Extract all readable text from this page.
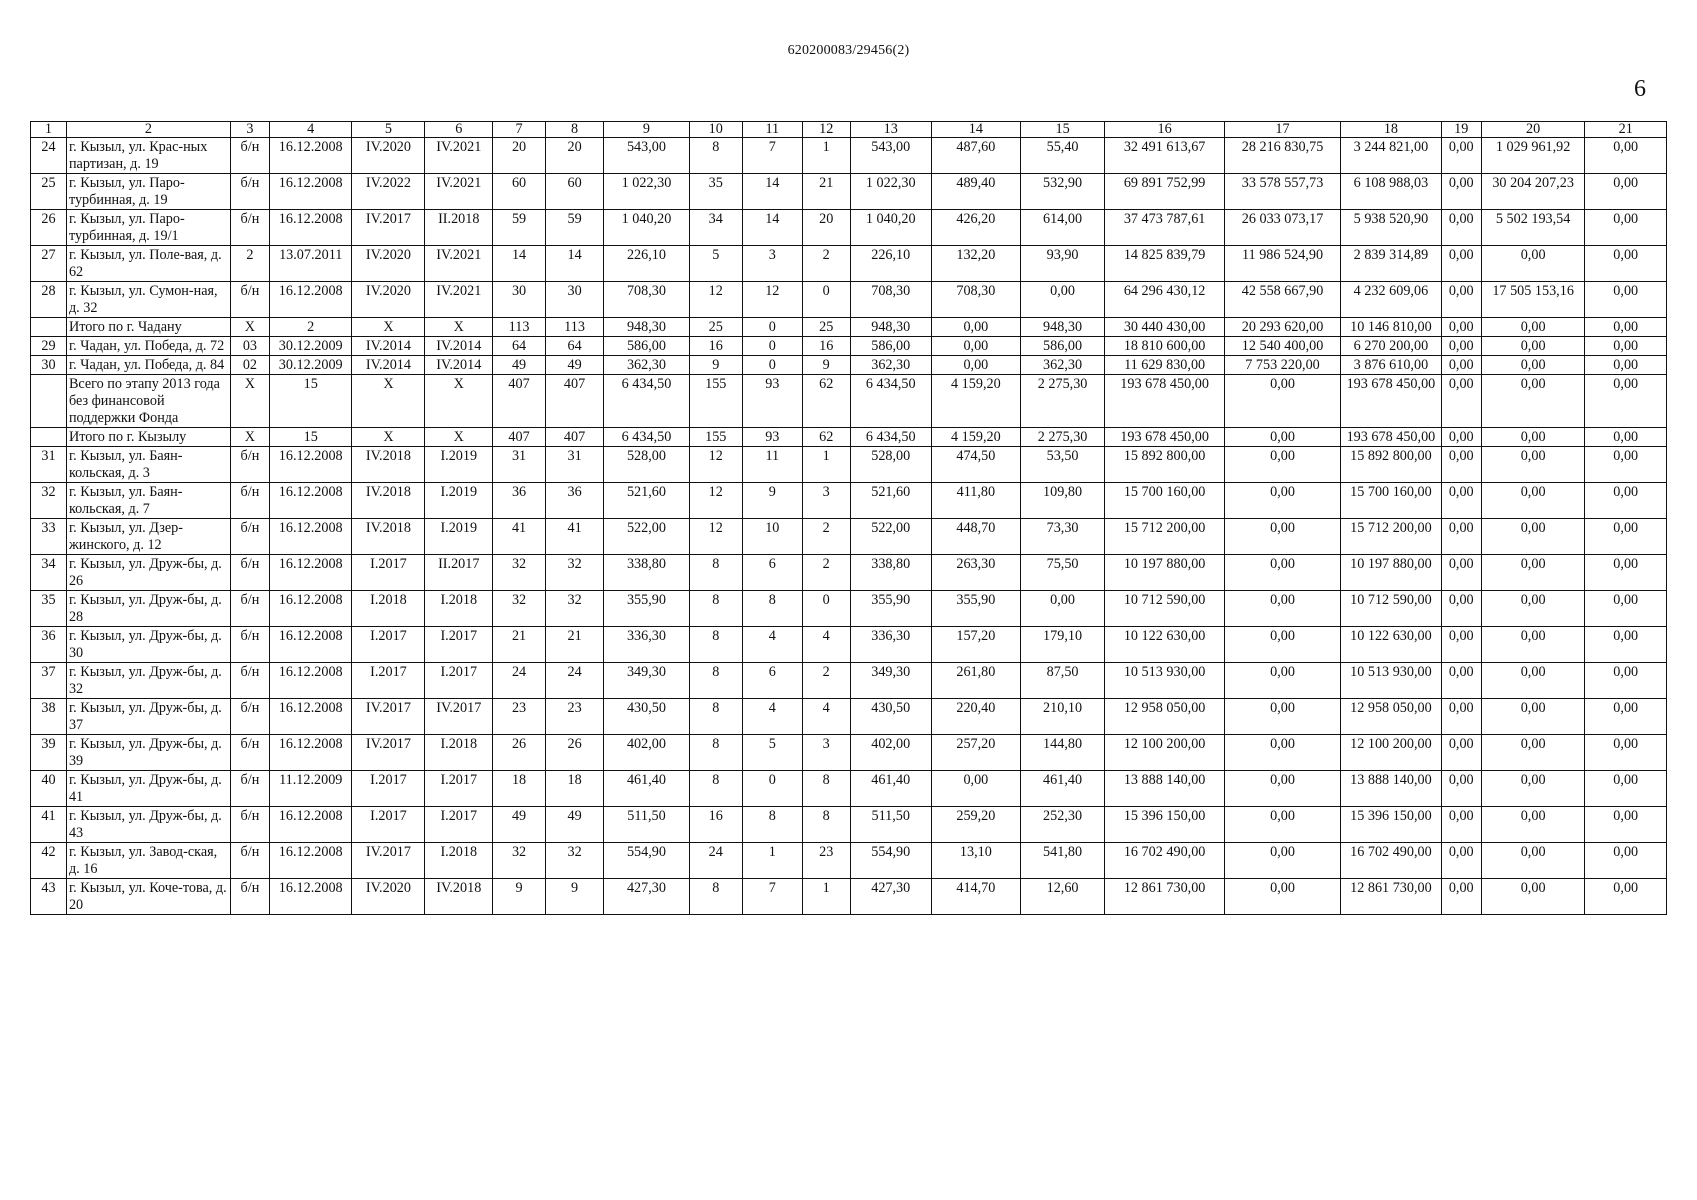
620200083/29456(2)
6
1	2	3	4	5	6	7	8	9	10	11	12	13	14	15	16	17	18	19	20	21
24	г. Кызыл, ул. Крас-ных партизан, д. 19	б/н	16.12.2008	IV.2020	IV.2021	20	20	543,00	8	7	1	543,00	487,60	55,40	32 491 613,67	28 216 830,75	3 244 821,00	0,00	1 029 961,92	0,00
25	г. Кызыл, ул. Паро-турбинная, д. 19	б/н	16.12.2008	IV.2022	IV.2021	60	60	1 022,30	35	14	21	1 022,30	489,40	532,90	69 891 752,99	33 578 557,73	6 108 988,03	0,00	30 204 207,23	0,00
26	г. Кызыл, ул. Паро-турбинная, д. 19/1	б/н	16.12.2008	IV.2017	II.2018	59	59	1 040,20	34	14	20	1 040,20	426,20	614,00	37 473 787,61	26 033 073,17	5 938 520,90	0,00	5 502 193,54	0,00
27	г. Кызыл, ул. Поле-вая, д. 62	2	13.07.2011	IV.2020	IV.2021	14	14	226,10	5	3	2	226,10	132,20	93,90	14 825 839,79	11 986 524,90	2 839 314,89	0,00	0,00	0,00
28	г. Кызыл, ул. Сумон-ная, д. 32	б/н	16.12.2008	IV.2020	IV.2021	30	30	708,30	12	12	0	708,30	708,30	0,00	64 296 430,12	42 558 667,90	4 232 609,06	0,00	17 505 153,16	0,00
	Итого по г. Чадану	X	2	X	X	113	113	948,30	25	0	25	948,30	0,00	948,30	30 440 430,00	20 293 620,00	10 146 810,00	0,00	0,00	0,00
29	г. Чадан, ул. Победа, д. 72	03	30.12.2009	IV.2014	IV.2014	64	64	586,00	16	0	16	586,00	0,00	586,00	18 810 600,00	12 540 400,00	6 270 200,00	0,00	0,00	0,00
30	г. Чадан, ул. Победа, д. 84	02	30.12.2009	IV.2014	IV.2014	49	49	362,30	9	0	9	362,30	0,00	362,30	11 629 830,00	7 753 220,00	3 876 610,00	0,00	0,00	0,00
	Всего по этапу 2013 года без финансовой поддержки Фонда	X	15	X	X	407	407	6 434,50	155	93	62	6 434,50	4 159,20	2 275,30	193 678 450,00	0,00	193 678 450,00	0,00	0,00	0,00
	Итого по г. Кызылу	X	15	X	X	407	407	6 434,50	155	93	62	6 434,50	4 159,20	2 275,30	193 678 450,00	0,00	193 678 450,00	0,00	0,00	0,00
31	г. Кызыл, ул. Баян-кольская, д. 3	б/н	16.12.2008	IV.2018	I.2019	31	31	528,00	12	11	1	528,00	474,50	53,50	15 892 800,00	0,00	15 892 800,00	0,00	0,00	0,00
32	г. Кызыл, ул. Баян-кольская, д. 7	б/н	16.12.2008	IV.2018	I.2019	36	36	521,60	12	9	3	521,60	411,80	109,80	15 700 160,00	0,00	15 700 160,00	0,00	0,00	0,00
33	г. Кызыл, ул. Дзер-жинского, д. 12	б/н	16.12.2008	IV.2018	I.2019	41	41	522,00	12	10	2	522,00	448,70	73,30	15 712 200,00	0,00	15 712 200,00	0,00	0,00	0,00
34	г. Кызыл, ул. Друж-бы, д. 26	б/н	16.12.2008	I.2017	II.2017	32	32	338,80	8	6	2	338,80	263,30	75,50	10 197 880,00	0,00	10 197 880,00	0,00	0,00	0,00
35	г. Кызыл, ул. Друж-бы, д. 28	б/н	16.12.2008	I.2018	I.2018	32	32	355,90	8	8	0	355,90	355,90	0,00	10 712 590,00	0,00	10 712 590,00	0,00	0,00	0,00
36	г. Кызыл, ул. Друж-бы, д. 30	б/н	16.12.2008	I.2017	I.2017	21	21	336,30	8	4	4	336,30	157,20	179,10	10 122 630,00	0,00	10 122 630,00	0,00	0,00	0,00
37	г. Кызыл, ул. Друж-бы, д. 32	б/н	16.12.2008	I.2017	I.2017	24	24	349,30	8	6	2	349,30	261,80	87,50	10 513 930,00	0,00	10 513 930,00	0,00	0,00	0,00
38	г. Кызыл, ул. Друж-бы, д. 37	б/н	16.12.2008	IV.2017	IV.2017	23	23	430,50	8	4	4	430,50	220,40	210,10	12 958 050,00	0,00	12 958 050,00	0,00	0,00	0,00
39	г. Кызыл, ул. Друж-бы, д. 39	б/н	16.12.2008	IV.2017	I.2018	26	26	402,00	8	5	3	402,00	257,20	144,80	12 100 200,00	0,00	12 100 200,00	0,00	0,00	0,00
40	г. Кызыл, ул. Друж-бы, д. 41	б/н	11.12.2009	I.2017	I.2017	18	18	461,40	8	0	8	461,40	0,00	461,40	13 888 140,00	0,00	13 888 140,00	0,00	0,00	0,00
41	г. Кызыл, ул. Друж-бы, д. 43	б/н	16.12.2008	I.2017	I.2017	49	49	511,50	16	8	8	511,50	259,20	252,30	15 396 150,00	0,00	15 396 150,00	0,00	0,00	0,00
42	г. Кызыл, ул. Завод-ская, д. 16	б/н	16.12.2008	IV.2017	I.2018	32	32	554,90	24	1	23	554,90	13,10	541,80	16 702 490,00	0,00	16 702 490,00	0,00	0,00	0,00
43	г. Кызыл, ул. Коче-това, д. 20	б/н	16.12.2008	IV.2020	IV.2018	9	9	427,30	8	7	1	427,30	414,70	12,60	12 861 730,00	0,00	12 861 730,00	0,00	0,00	0,00
